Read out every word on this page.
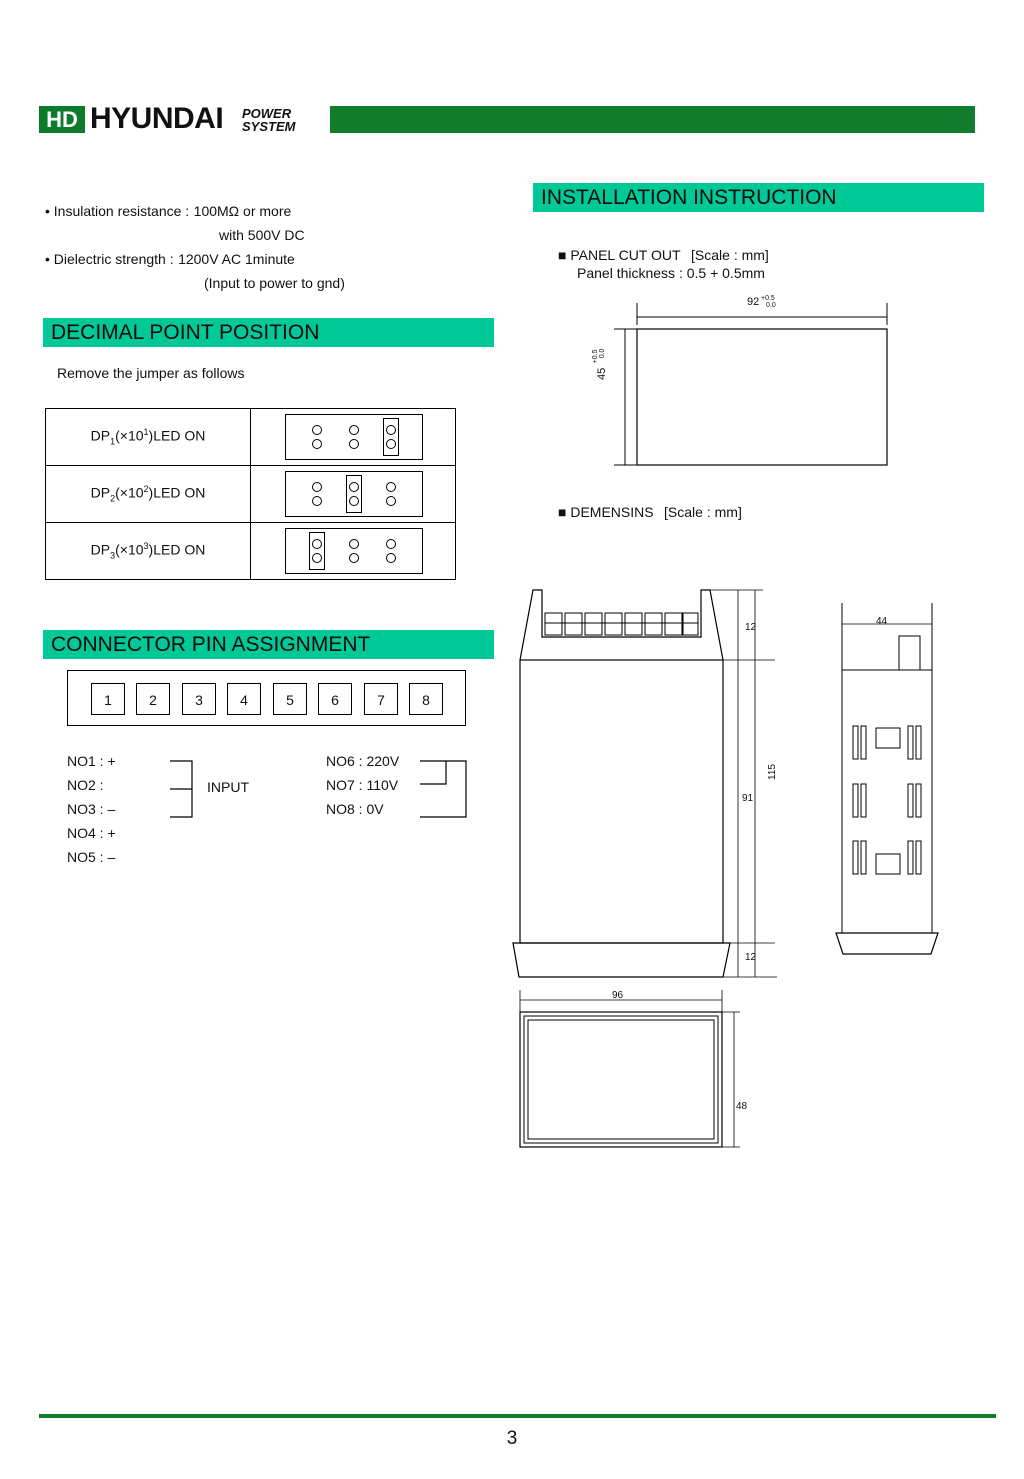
HD HYUNDAI POWER
SYSTEM
• Insulation resistance : 100MΩ or more
with 500V DC
• Dielectric strength : 1200V AC 1minute
(Input to power to gnd)
DECIMAL POINT POSITION
Remove the jumper as follows
$DP_1(\times 10^1)LED$ ON	

$DP_2(\times 10^2)LED$ ON	

$DP_3(\times 10^3)LED$ ON	
CONNECTOR PIN ASSIGNMENT
1	2	3	4	5	6	7	8
NO1 : +
NO2 :
NO3 : –
NO4 : +
NO5 : –
INPUT
NO6 : 220V
NO7 : 110V
NO8 : 0V
INSTALLATION INSTRUCTION
■ PANEL CUT OUT [Scale : mm]
Panel thickness : 0.5 + 0.5mm
92 +0.5
0.0
45
+0.5 0.0
■ DEMENSINS [Scale : mm]
12
115
91
12
44
96
48
3
